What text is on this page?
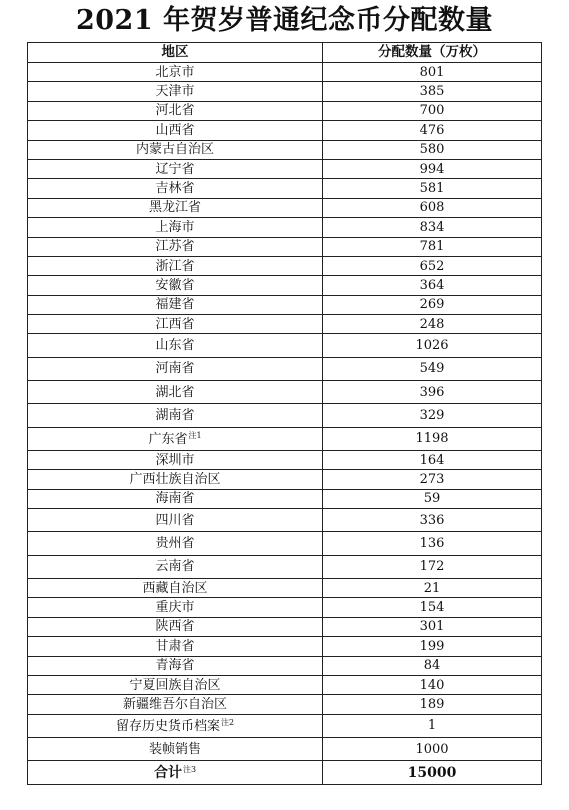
2021 年贺岁普通纪念币分配数量
地区	分配数量（万枚）
北京市	801
天津市	385
河北省	700
山西省	476
内蒙古自治区	580
辽宁省	994
吉林省	581
黑龙江省	608
上海市	834
江苏省	781
浙江省	652
安徽省	364
福建省	269
江西省	248
山东省	1026
河南省	549
湖北省	396
湖南省	329
广东省$^{注1}$	1198
深圳市	164
广西壮族自治区	273
海南省	59
四川省	336
贵州省	136
云南省	172
西藏自治区	21
重庆市	154
陕西省	301
甘肃省	199
青海省	84
宁夏回族自治区	140
新疆维吾尔自治区	189
留存历史货币档案$^{注2}$	1
装帧销售	1000
合计$^{注3}$	15000
